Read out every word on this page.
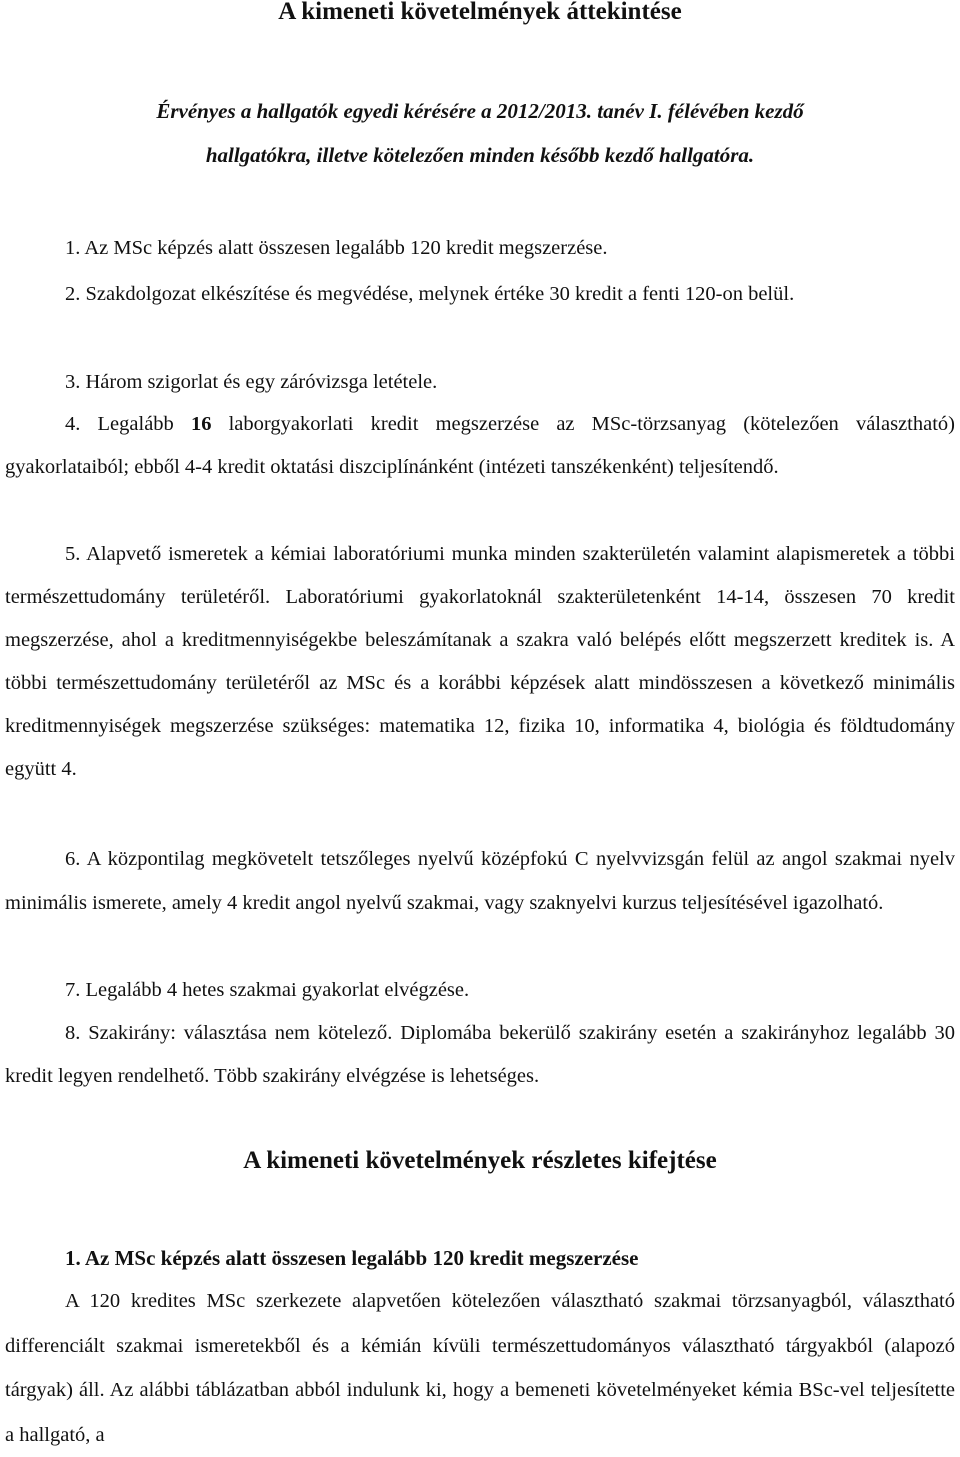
A kimeneti követelmények áttekintése
Érvényes a hallgatók egyedi kérésére a 2012/2013. tanév I. félévében kezdő
hallgatókra, illetve kötelezően minden később kezdő hallgatóra.

1. Az MSc képzés alatt összesen legalább 120 kredit megszerzése.

2. Szakdolgozat elkészítése és megvédése, melynek értéke 30 kredit a fenti 120-on belül.

3. Három szigorlat és egy záróvizsga letétele.

4. Legalább 16 laborgyakorlati kredit megszerzése az MSc-törzsanyag (kötelezően választható) gyakorlataiból; ebből 4-4 kredit oktatási diszciplínánként (intézeti tanszékenként) teljesítendő.

5. Alapvető ismeretek a kémiai laboratóriumi munka minden szakterületén valamint alapismeretek a többi természettudomány területéről. Laboratóriumi gyakorlatoknál szakterületenként 14-14, összesen 70 kredit megszerzése, ahol a kreditmennyiségekbe beleszámítanak a szakra való belépés előtt megszerzett kreditek is. A többi természettudomány területéről az MSc és a korábbi képzések alatt mindösszesen a következő minimális kreditmennyiségek megszerzése szükséges: matematika 12, fizika 10, informatika 4, biológia és földtudomány együtt 4.

6. A központilag megkövetelt tetszőleges nyelvű középfokú C nyelvvizsgán felül az angol szakmai nyelv minimális ismerete, amely 4 kredit angol nyelvű szakmai, vagy szaknyelvi kurzus teljesítésével igazolható.

7. Legalább 4 hetes szakmai gyakorlat elvégzése.

8. Szakirány: választása nem kötelező. Diplomába bekerülő szakirány esetén a szakirányhoz legalább 30 kredit legyen rendelhető. Több szakirány elvégzése is lehetséges.

A kimeneti követelmények részletes kifejtése

1. Az MSc képzés alatt összesen legalább 120 kredit megszerzése

A 120 kredites MSc szerkezete alapvetően kötelezően választható szakmai törzsanyagból, választható differenciált szakmai ismeretekből és a kémián kívüli természettudományos választható tárgyakból (alapozó tárgyak) áll. Az alábbi táblázatban abból indulunk ki, hogy a bemeneti követelményeket kémia BSc-vel teljesítette a hallgató, a
